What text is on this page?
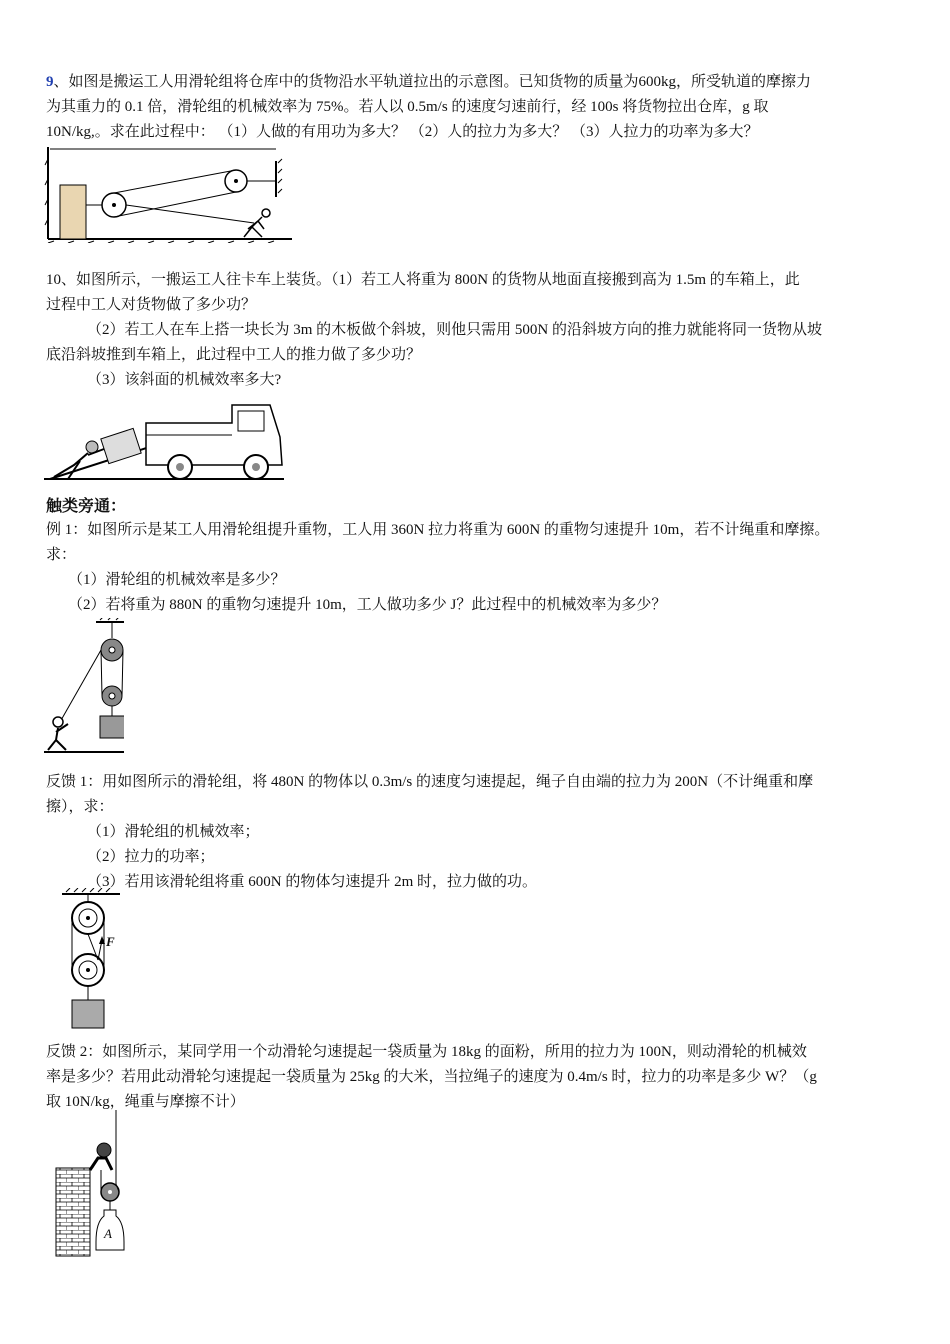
9、如图是搬运工人用滑轮组将仓库中的货物沿水平轨道拉出的示意图。已知货物的质量为600kg，所受轨道的摩擦力
为其重力的 0.1 倍，滑轮组的机械效率为 75%。若人以 0.5m/s 的速度匀速前行，经 100s 将货物拉出仓库，g 取
10N/kg,。求在此过程中： （1）人做的有用功为多大？ （2）人的拉力为多大？ （3）人拉力的功率为多大？
10、如图所示，一搬运工人往卡车上装货。（1）若工人将重为 800N 的货物从地面直接搬到高为 1.5m 的车箱上，此
过程中工人对货物做了多少功？
（2）若工人在车上搭一块长为 3m 的木板做个斜坡，则他只需用 500N 的沿斜坡方向的推力就能将同一货物从坡
底沿斜坡推到车箱上，此过程中工人的推力做了多少功？
（3）该斜面的机械效率多大?
触类旁通：
例 1：如图所示是某工人用滑轮组提升重物，工人用 360N 拉力将重为 600N 的重物匀速提升 10m，若不计绳重和摩擦。
求：
（1）滑轮组的机械效率是多少？
（2）若将重为 880N 的重物匀速提升 10m，工人做功多少 J？此过程中的机械效率为多少？
反馈 1：用如图所示的滑轮组，将 480N 的物体以 0.3m/s 的速度匀速提起，绳子自由端的拉力为 200N（不计绳重和摩
擦），求：
（1）滑轮组的机械效率；
（2）拉力的功率；
（3）若用该滑轮组将重 600N 的物体匀速提升 2m 时，拉力做的功。
F
反馈 2：如图所示，某同学用一个动滑轮匀速提起一袋质量为 18kg 的面粉，所用的拉力为 100N，则动滑轮的机械效
率是多少？若用此动滑轮匀速提起一袋质量为 25kg 的大米，当拉绳子的速度为 0.4m/s 时，拉力的功率是多少 W？（g
取 10N/kg，绳重与摩擦不计）
A
